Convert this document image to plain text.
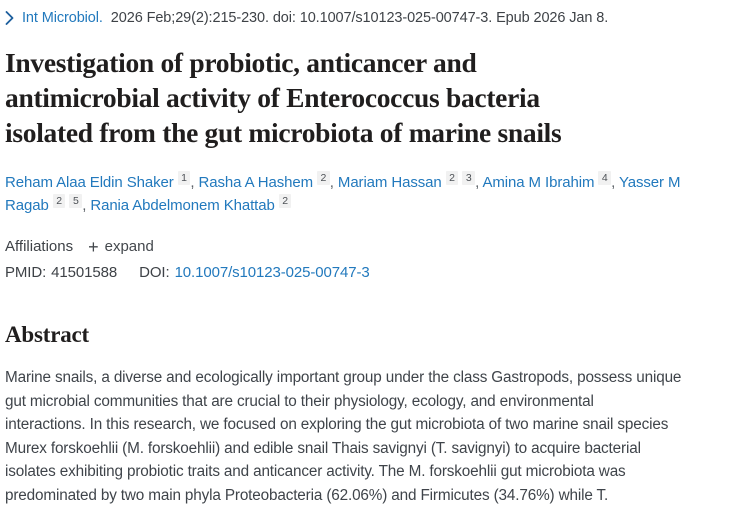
Int Microbiol. 2026 Feb;29(2):215-230. doi: 10.1007/s10123-025-00747-3. Epub 2026 Jan 8.
Investigation of probiotic, anticancer and
antimicrobial activity of Enterococcus bacteria
isolated from the gut microbiota of marine snails
Reham Alaa Eldin Shaker 1 , Rasha A Hashem 2 , Mariam Hassan 2 3 , Amina M Ibrahim 4 , Yasser M Ragab 2 5 , Rania Abdelmonem Khattab 2
Affiliations + expand
PMID: 41501588 DOI: 10.1007/s10123-025-00747-3
Abstract
Marine snails, a diverse and ecologically important group under the class Gastropods, possess unique
gut microbial communities that are crucial to their physiology, ecology, and environmental
interactions. In this research, we focused on exploring the gut microbiota of two marine snail species
Murex forskoehlii (M. forskoehlii) and edible snail Thais savignyi (T. savignyi) to acquire bacterial
isolates exhibiting probiotic traits and anticancer activity. The M. forskoehlii gut microbiota was
predominated by two main phyla Proteobacteria (62.06%) and Firmicutes (34.76%) while T.
